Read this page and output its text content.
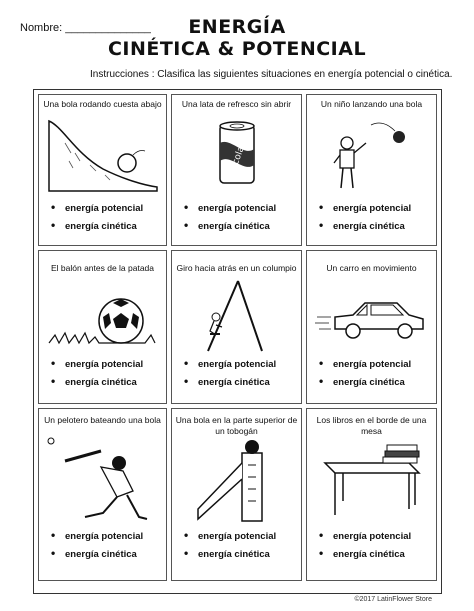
Nombre: ______________	ENERGÍA
CINÉTICA & POTENCIAL
Instrucciones : Clasifica las siguientes situaciones en energía potencial o cinética.
Una bola rodando cuesta abajo
• energía potencial
• energía cinética
Una lata de refresco sin abrir
cola
• energía potencial
• energía cinética
Un niño lanzando una bola
• energía potencial
• energía cinética
El balón antes de la patada
• energía potencial
• energía cinética
Giro hacia atrás en un columpio
• energía potencial
• energía cinética
Un carro en movimiento
• energía potencial
• energía cinética
Un pelotero bateando una bola
• energía potencial
• energía cinética
Una bola en la parte superior de un tobogán
• energía potencial
• energía cinética
Los libros en el borde de una mesa
• energía potencial
• energía cinética
©2017 LatinFlower Store
